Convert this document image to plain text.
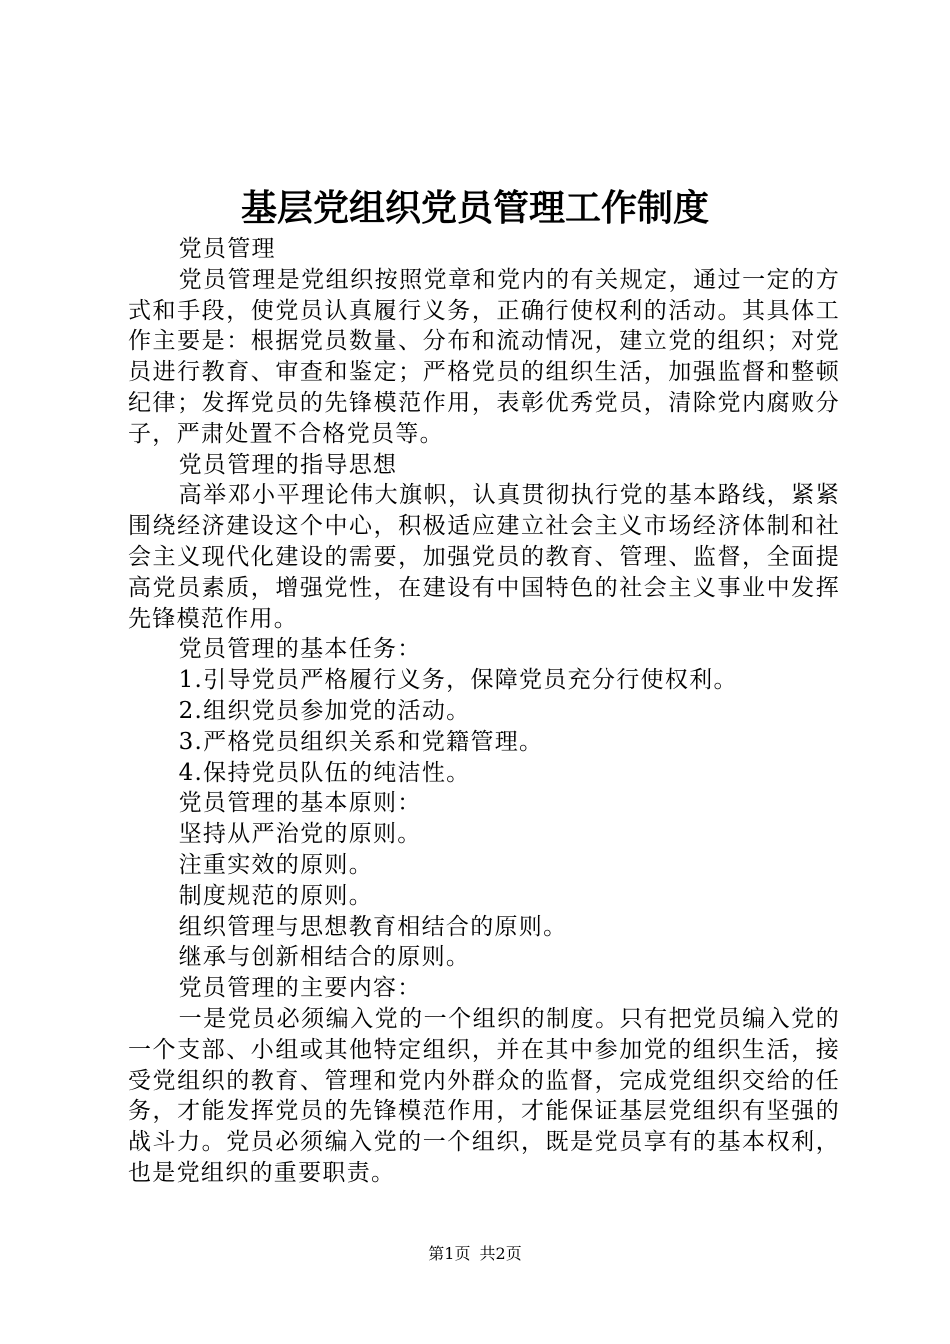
基层党组织党员管理工作制度

党员管理

党员管理是党组织按照党章和党内的有关规定，通过一定的方式和手段，使党员认真履行义务，正确行使权利的活动。其具体工作主要是：根据党员数量、分布和流动情况，建立党的组织；对党员进行教育、审查和鉴定；严格党员的组织生活，加强监督和整顿纪律；发挥党员的先锋模范作用，表彰优秀党员，清除党内腐败分子，严肃处置不合格党员等。

党员管理的指导思想

高举邓小平理论伟大旗帜，认真贯彻执行党的基本路线，紧紧围绕经济建设这个中心，积极适应建立社会主义市场经济体制和社会主义现代化建设的需要，加强党员的教育、管理、监督，全面提高党员素质，增强党性，在建设有中国特色的社会主义事业中发挥先锋模范作用。

党员管理的基本任务：

1.引导党员严格履行义务，保障党员充分行使权利。

2.组织党员参加党的活动。

3.严格党员组织关系和党籍管理。

4.保持党员队伍的纯洁性。

党员管理的基本原则：

坚持从严治党的原则。

注重实效的原则。

制度规范的原则。

组织管理与思想教育相结合的原则。

继承与创新相结合的原则。

党员管理的主要内容：

一是党员必须编入党的一个组织的制度。只有把党员编入党的一个支部、小组或其他特定组织，并在其中参加党的组织生活，接受党组织的教育、管理和党内外群众的监督，完成党组织交给的任务，才能发挥党员的先锋模范作用，才能保证基层党组织有坚强的战斗力。党员必须编入党的一个组织，既是党员享有的基本权利，也是党组织的重要职责。

第1页 共2页
